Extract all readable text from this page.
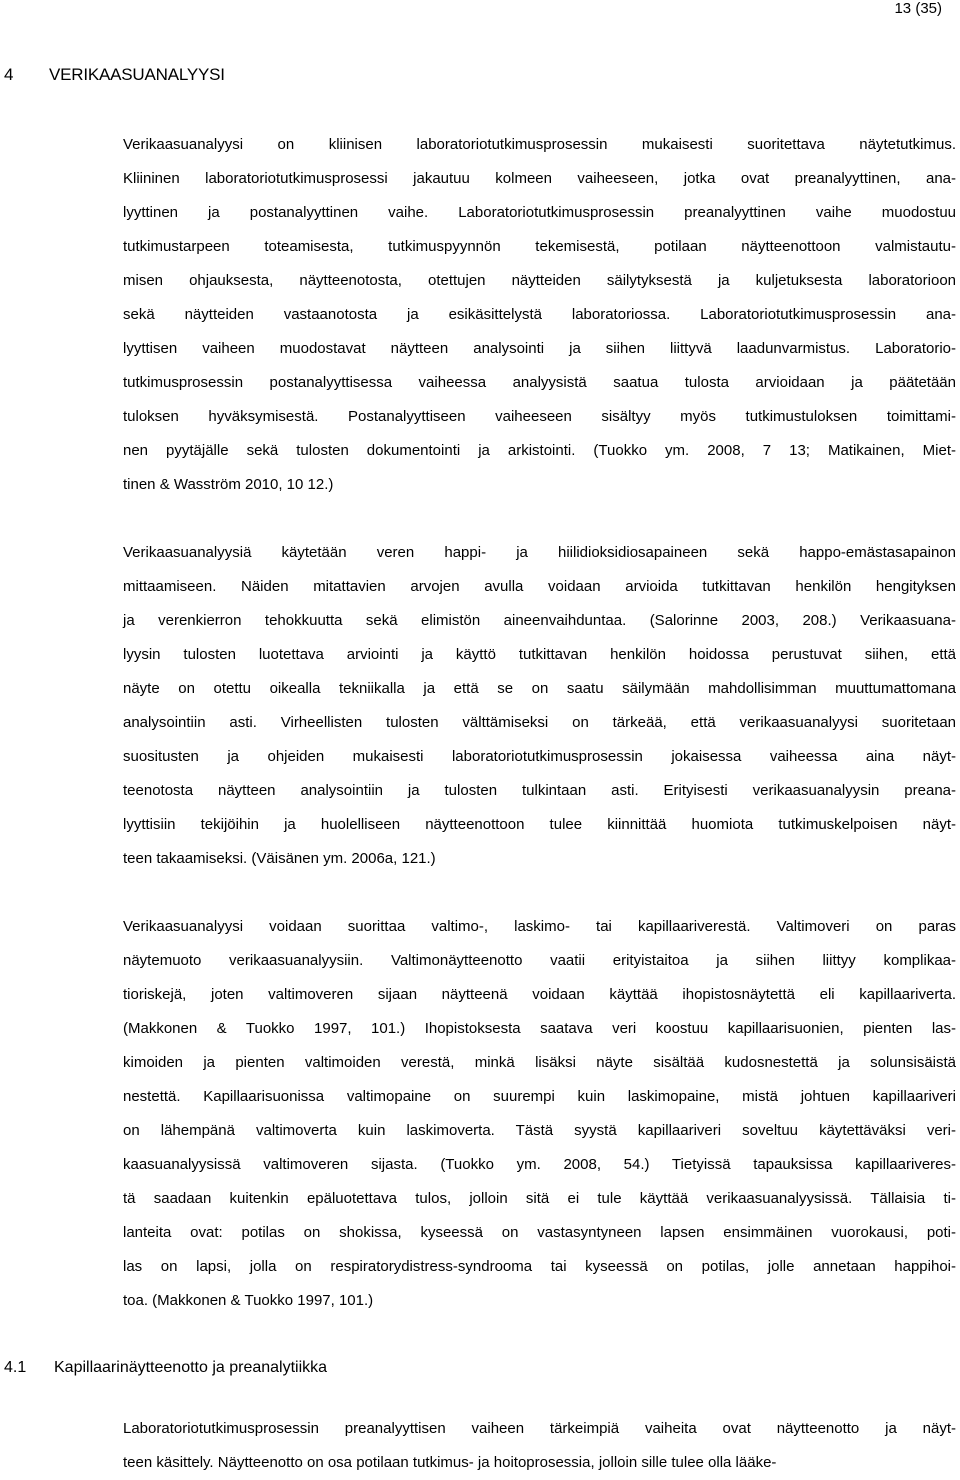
13 (35)
4 VERIKAASUANALYYSI
Verikaasuanalyysi on kliinisen laboratoriotutkimusprosessin mukaisesti suoritettava näytetutkimus.
Kliininen laboratoriotutkimusprosessi jakautuu kolmeen vaiheeseen, jotka ovat preanalyyttinen, ana-
lyyttinen ja postanalyyttinen vaihe. Laboratoriotutkimusprosessin preanalyyttinen vaihe muodostuu
tutkimustarpeen toteamisesta, tutkimuspyynnön tekemisestä, potilaan näytteenottoon valmistautu-
misen ohjauksesta, näytteenotosta, otettujen näytteiden säilytyksestä ja kuljetuksesta laboratorioon
sekä näytteiden vastaanotosta ja esikäsittelystä laboratoriossa. Laboratoriotutkimusprosessin ana-
lyyttisen vaiheen muodostavat näytteen analysointi ja siihen liittyvä laadunvarmistus. Laboratorio-
tutkimusprosessin postanalyyttisessa vaiheessa analyysistä saatua tulosta arvioidaan ja päätetään
tuloksen hyväksymisestä. Postanalyyttiseen vaiheeseen sisältyy myös tutkimustuloksen toimittami-
nen pyytäjälle sekä tulosten dokumentointi ja arkistointi. (Tuokko ym. 2008, 7 13; Matikainen, Miet-
tinen & Wasström 2010, 10 12.)
Verikaasuanalyysiä käytetään veren happi- ja hiilidioksidiosapaineen sekä happo-emästasapainon
mittaamiseen. Näiden mitattavien arvojen avulla voidaan arvioida tutkittavan henkilön hengityksen
ja verenkierron tehokkuutta sekä elimistön aineenvaihduntaa. (Salorinne 2003, 208.) Verikaasuana-
lyysin tulosten luotettava arviointi ja käyttö tutkittavan henkilön hoidossa perustuvat siihen, että
näyte on otettu oikealla tekniikalla ja että se on saatu säilymään mahdollisimman muuttumattomana
analysointiin asti. Virheellisten tulosten välttämiseksi on tärkeää, että verikaasuanalyysi suoritetaan
suositusten ja ohjeiden mukaisesti laboratoriotutkimusprosessin jokaisessa vaiheessa aina näyt-
teenotosta näytteen analysointiin ja tulosten tulkintaan asti. Erityisesti verikaasuanalyysin preana-
lyyttisiin tekijöihin ja huolelliseen näytteenottoon tulee kiinnittää huomiota tutkimuskelpoisen näyt-
teen takaamiseksi. (Väisänen ym. 2006a, 121.)
Verikaasuanalyysi voidaan suorittaa valtimo-, laskimo- tai kapillaariverestä. Valtimoveri on paras
näytemuoto verikaasuanalyysiin. Valtimonäytteenotto vaatii erityistaitoa ja siihen liittyy komplikaa-
tioriskejä, joten valtimoveren sijaan näytteenä voidaan käyttää ihopistosnäytettä eli kapillaariverta.
(Makkonen & Tuokko 1997, 101.) Ihopistoksesta saatava veri koostuu kapillaarisuonien, pienten las-
kimoiden ja pienten valtimoiden verestä, minkä lisäksi näyte sisältää kudosnestettä ja solunsisäistä
nestettä. Kapillaarisuonissa valtimopaine on suurempi kuin laskimopaine, mistä johtuen kapillaariveri
on lähempänä valtimoverta kuin laskimoverta. Tästä syystä kapillaariveri soveltuu käytettäväksi veri-
kaasuanalyysissä valtimoveren sijasta. (Tuokko ym. 2008, 54.) Tietyissä tapauksissa kapillaariveres-
tä saadaan kuitenkin epäluotettava tulos, jolloin sitä ei tule käyttää verikaasuanalyysissä. Tällaisia ti-
lanteita ovat: potilas on shokissa, kyseessä on vastasyntyneen lapsen ensimmäinen vuorokausi, poti-
las on lapsi, jolla on respiratorydistress-syndrooma tai kyseessä on potilas, jolle annetaan happihoi-
toa. (Makkonen & Tuokko 1997, 101.)
4.1 Kapillaarinäytteenotto ja preanalytiikka
Laboratoriotutkimusprosessin preanalyyttisen vaiheen tärkeimpiä vaiheita ovat näytteenotto ja näyt-
teen käsittely. Näytteenotto on osa potilaan tutkimus- ja hoitoprosessia, jolloin sille tulee olla lääke-
